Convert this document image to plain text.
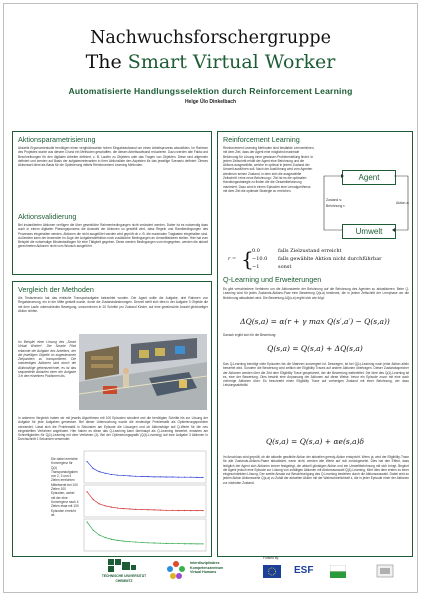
Nachwuchsforschergruppe
The Smart Virtual Worker
Automatisierte Handlungsselektion durch Reinforcement Learning
Helge Ülo Dinkelbach
Aktionsparametrisierung
Aktuelle Ergonomiestudie benötigen einen vergleichsweise hohen Eingabeaufwand um einen Arbeitsprozess abzubilden. Im Rahmen des Projektes wurde aus diesem Grund ein Methoden geschaffen, die diesen Arbeitsaufwand reduzieren. Dazu werden alle Fakta und Beschreibungen für den digitalen Arbeiter definiert, z. B. Laufen zu Objekten oder das Tragen von Objekten. Diese sind allgemein definiert und werden auf Basis der aufgabenrelevanten in ihrer Aktionsliste den Aspekten für das jeweilige Szenario definiert. Dieses Aktionsset dient als Basis für die Optimierung mittels Reinforcement Learning Methoden.
Aktionsvalidierung
Bei instantiierten Aktionen verfügen die über gesetzliche Rahmenbedingungen nicht verändert werden. Daher ist es notwendig dass auch in einem digitalen Planungsprozess die Auswahl der Aktionen so gewählt wird, dass Regeln und Randbedingungen des Prozesses eingehalten werden. Aktionen die nicht ausgeführt werden wird geprüft ob z. B. die maximalen Traglasten eingehalten sind. Außerdem kann der Anwender im Zuge der Aufgabendefinition noch zusätzliche Bedingungen an Umweltfaktoren stellen. Hier hat zum Beispiel die notwendige Mindestauflagen für eine Tätigkeit gegeben. Diese werden Bedingungen vom eingegeben, werden die aktuell gerechneten Aktionen nicht vom Wunsch ausgeführt.
Vergleich der Methoden
Als Testszenario hat das einfache Transportaufgabe betrachtet worden. Der Agent sollte die Aufgabe, drei Rahmen von Regalsteuerung, ein in der Mitte gestellt wurde, durch die Zustandsänderungen. Derzeit stellt sich dies in der Aufgabe 3 Objekte die mit dem Laufe unterschieden Bewegung, umzurechnen in 20 Schritte pro Zustand Kinder, auf eine gewünschte Anzahl gleichartiger Aktion richten.
Im Beispiel einer Lösung des „Smart Virtual Worker“. Der Smarte Pfad erkannte die Aufgabe des Arbeiters, der die jeweiligen Objekte im zugewiesenen Zielpunkten zu transportieren. Die notwendigen Aktionen sind durch die Aktionsfolge gekennzeichnet, es ist das sequentielle Ablaufen einer der Aufgabe 3 in den einzelnen Positionen bis.
In anderem Vergleich haben wir mit jeweils Algorithmen mit 100 Episoden simuliert und die benötigten Schritte bis zur Lösung der Aufgabe für jede Aufgaben gemessen. Bei dieser Untersuchung wurde die eindeutige Problematik als Optimierungsproblem verwendet. Lässt sich die Problematik in Sekunden am Episode die Lösungen und ob Aktionsfolge auf Q-Werte für die neu eingestellten Verfahren angeboten. Hier haben es diese das Q-Learning kann überhaupt als Q-Learning bewertet, erwarten am Schnelligkeiten für Q(λ)-Learning mit dem Verfahren (λ). Bei der Optimierungsgrafik (Q(λ)-Learning) auf eine Aufgabe 3 Aktionen in Durchschnitt 1 Sekunden verwendet.
Die dabei erreichte Konvergenz für Q(λ) Transportaufgaben von 2, 3 und 4 Zielen erreichten Mittelwerte bei 100 Zielen 100 Episoden, wobei mit der eine Konvergenz nach 4 Zielen etwa mit 100 Episoden erreicht ist.
Reinforcement Learning
Reinforcement Learning Methoden sind bestärkte Lernverfahren, mit dem Ziel, dass der Agent eine möglichst maximale Belohnung für Lösung einer gewissen Problemstellung findet. In jedem Zeitschritt erhält der Agent eine Belohnung und die Aktions ausgewählte, welche er optimal in jedem Zustand der Umwelt ausführen soll. Nach der Ausführung wird vom Agenten wiederum seinen Zustand, in dem sich die ausgewählte Zeitschritt t eine neue Belohnung r. Ziel ist es die optimalen Handlungsstrategie zu finden die die Gesamtbelohnung maximiert. Dazu wird in einem Episoden eine Lernalgorithmus mit dem Ziel die optimale Strategie zu erreichen.
Agent
Umwelt
Zustand sₜ
Belohnung rₜ
Aktion aₜ
r = {
0.0	falls Zielzustand erreicht
−10.0 falls gewählte Aktion nicht durchführbar
−1	sonst
Q-Learning und Erweiterungen
Es gibt verschiedene Verfahren um die Aktionswerte der Belohnung auf die Belohnung des Agenten zu aktualisieren. Beim Q-Learning wird für jedes Zustands-Aktions-Paar eine Bewertung Q(s,a) bestimmt, die in jedem Zeitschritt der Lernphase um die Belohnung aktualisiert wird. Die Bewertung ΔQ(s,a) ergibt sich wie folgt:
ΔQ(s,a) = α(r + γ max Q(s′,a′) − Q(s,a))
Danach ergibt sich für die Bewertung:
Q(s,a) = Q(s,a) + ΔQ(s,a)
Das Q-Learning benötigt viele Episoden bis die Matrizen konvergiert ist. Deswegen, ist bei Q(λ)-Learning nach jeder Aktion allein bewertet wird. Sondern die Bewertung wird zeitlich der Eligibility Traces auf andere Aktionen übertragen. Dieser Zustandsspeicher der Aktionen werden über die Zeit dem Eligibility Trace gespeichert, der die Bewertung weiterleitet. Die Idee des Q(λ)-Learning ist es, eine der Bewertung. Dies bewirkt eine Anpassung der Aktionen auf diese Weise, bevor ein Episode zuvor mit eine auch vorherige Aktionen über. Es beschreibt einen Eligibility Trace auf vorherigen Zustand mit einer Belohnung, der dazu Leistungsaktivität.
Q(s,a) = Q(s,a) + αe(s,a)δ
Im Anschluss wird geprüft, ob die aktuelle gewählte Aktion der aktuellen greedy-Aktion entspricht. Wenn ja, wird der Eligibility-Trace für alle Zustands-Aktions-Paare aktualisiert, wenn nicht, werden alle Werte auf null zurückgesetzt. Dies hat den Effekt, dass lediglich der Agent sich Aktionen immer festgelegt, die aktuell günstigen Aktion und ein Umweltbelohnung mit sich bringt. Beginnt die Agent jedoch eine Episode zur Lösung von zufälligen Aktionen mit Aktionsauswahl Q(λ)-Learning, führt dies dem ersten zu einer eingeschränkten Lösung. Der zweite Ansatz zur Beschleunigung des Q-Learning bestehen durch die Aktionsauswahl. Dabei wird zu jedem Aktion Aktionswerte Q(s,a) zu Zufall der aktuellen Aktion mit der Wahrscheinlichkeit ε, die in jeder Episode einer der Aktionen zur nächsten Zustand.
TECHNISCHE UNIVERSITÄT
CHEMNITZ
Interdisziplinäres
Kompetenzzentrum
Virtual Humans
Funded by:
ESF
